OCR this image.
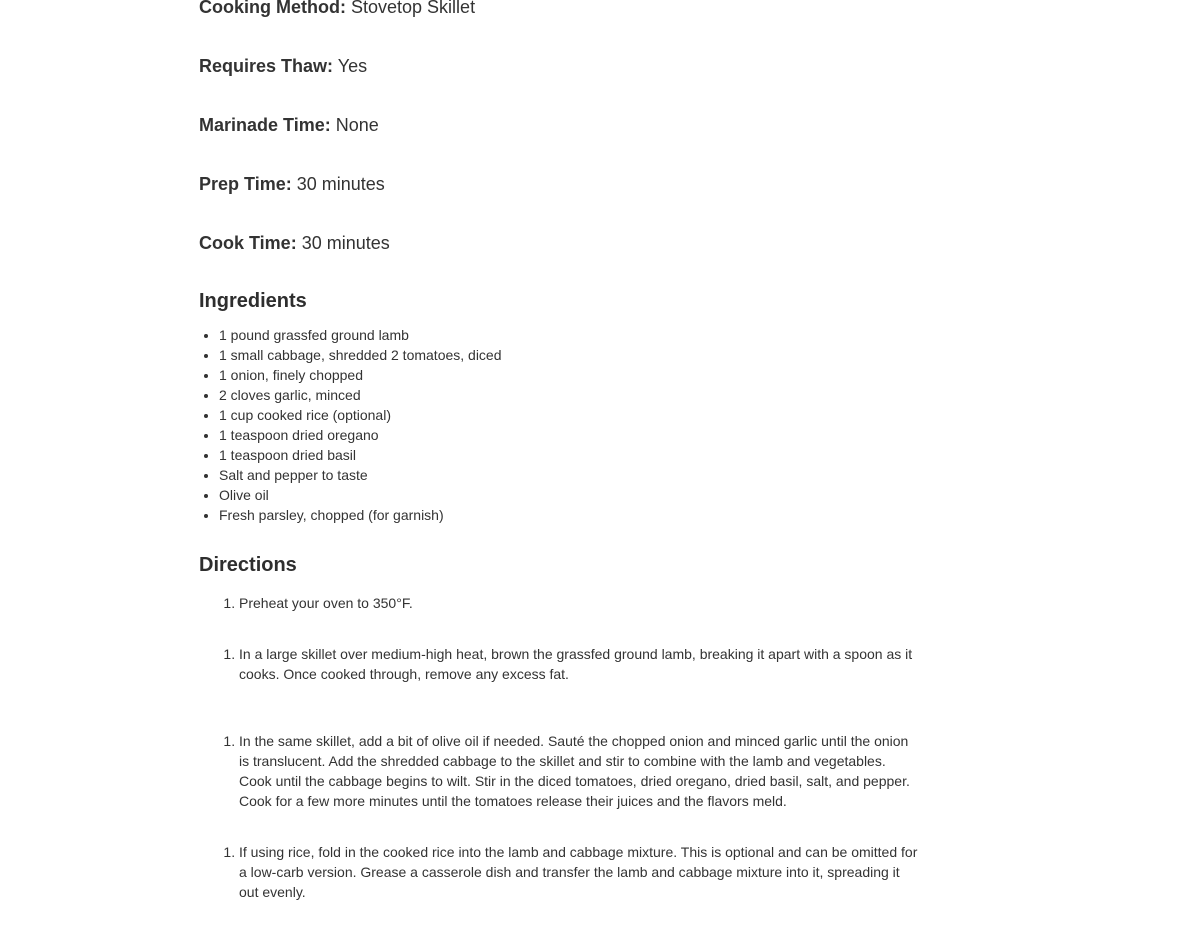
Cooking Method: Stovetop Skillet

Requires Thaw: Yes

Marinade Time: None

Prep Time: 30 minutes

Cook Time: 30 minutes

Ingredients
• 1 pound grassfed ground lamb
• 1 small cabbage, shredded 2 tomatoes, diced
• 1 onion, finely chopped
• 2 cloves garlic, minced
• 1 cup cooked rice (optional)
• 1 teaspoon dried oregano
• 1 teaspoon dried basil
• Salt and pepper to taste
• Olive oil
• Fresh parsley, chopped (for garnish)
Directions
1. Preheat your oven to 350°F.
1. In a large skillet over medium-high heat, brown the grassfed ground lamb, breaking it apart with a spoon as it cooks. Once cooked through, remove any excess fat.
1. In the same skillet, add a bit of olive oil if needed. Sauté the chopped onion and minced garlic until the onion is translucent. Add the shredded cabbage to the skillet and stir to combine with the lamb and vegetables. Cook until the cabbage begins to wilt. Stir in the diced tomatoes, dried oregano, dried basil, salt, and pepper. Cook for a few more minutes until the tomatoes release their juices and the flavors meld.
1. If using rice, fold in the cooked rice into the lamb and cabbage mixture. This is optional and can be omitted for a low-carb version. Grease a casserole dish and transfer the lamb and cabbage mixture into it, spreading it out evenly.
